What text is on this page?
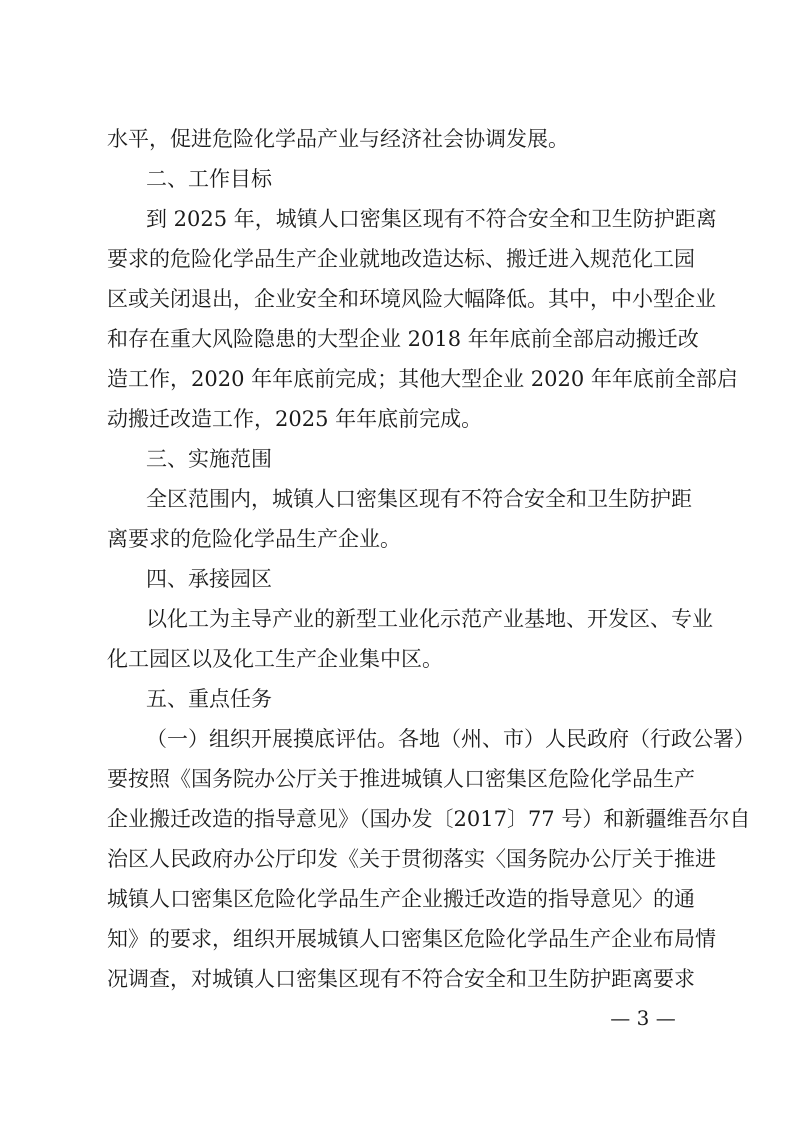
水平，促进危险化学品产业与经济社会协调发展。
二、工作目标
到 2025 年，城镇人口密集区现有不符合安全和卫生防护距离
要求的危险化学品生产企业就地改造达标、搬迁进入规范化工园
区或关闭退出，企业安全和环境风险大幅降低。其中，中小型企业
和存在重大风险隐患的大型企业 2018 年年底前全部启动搬迁改
造工作，2020 年年底前完成；其他大型企业 2020 年年底前全部启
动搬迁改造工作，2025 年年底前完成。
三、实施范围
全区范围内，城镇人口密集区现有不符合安全和卫生防护距
离要求的危险化学品生产企业。
四、承接园区
以化工为主导产业的新型工业化示范产业基地、开发区、专业
化工园区以及化工生产企业集中区。
五、重点任务
（一）组织开展摸底评估。各地（州、市）人民政府（行政公署）
要按照《国务院办公厅关于推进城镇人口密集区危险化学品生产
企业搬迁改造的指导意见》（国办发〔2017〕77 号）和新疆维吾尔自
治区人民政府办公厅印发《关于贯彻落实〈国务院办公厅关于推进
城镇人口密集区危险化学品生产企业搬迁改造的指导意见〉的通
知》的要求，组织开展城镇人口密集区危险化学品生产企业布局情
况调查，对城镇人口密集区现有不符合安全和卫生防护距离要求
— 3 —
